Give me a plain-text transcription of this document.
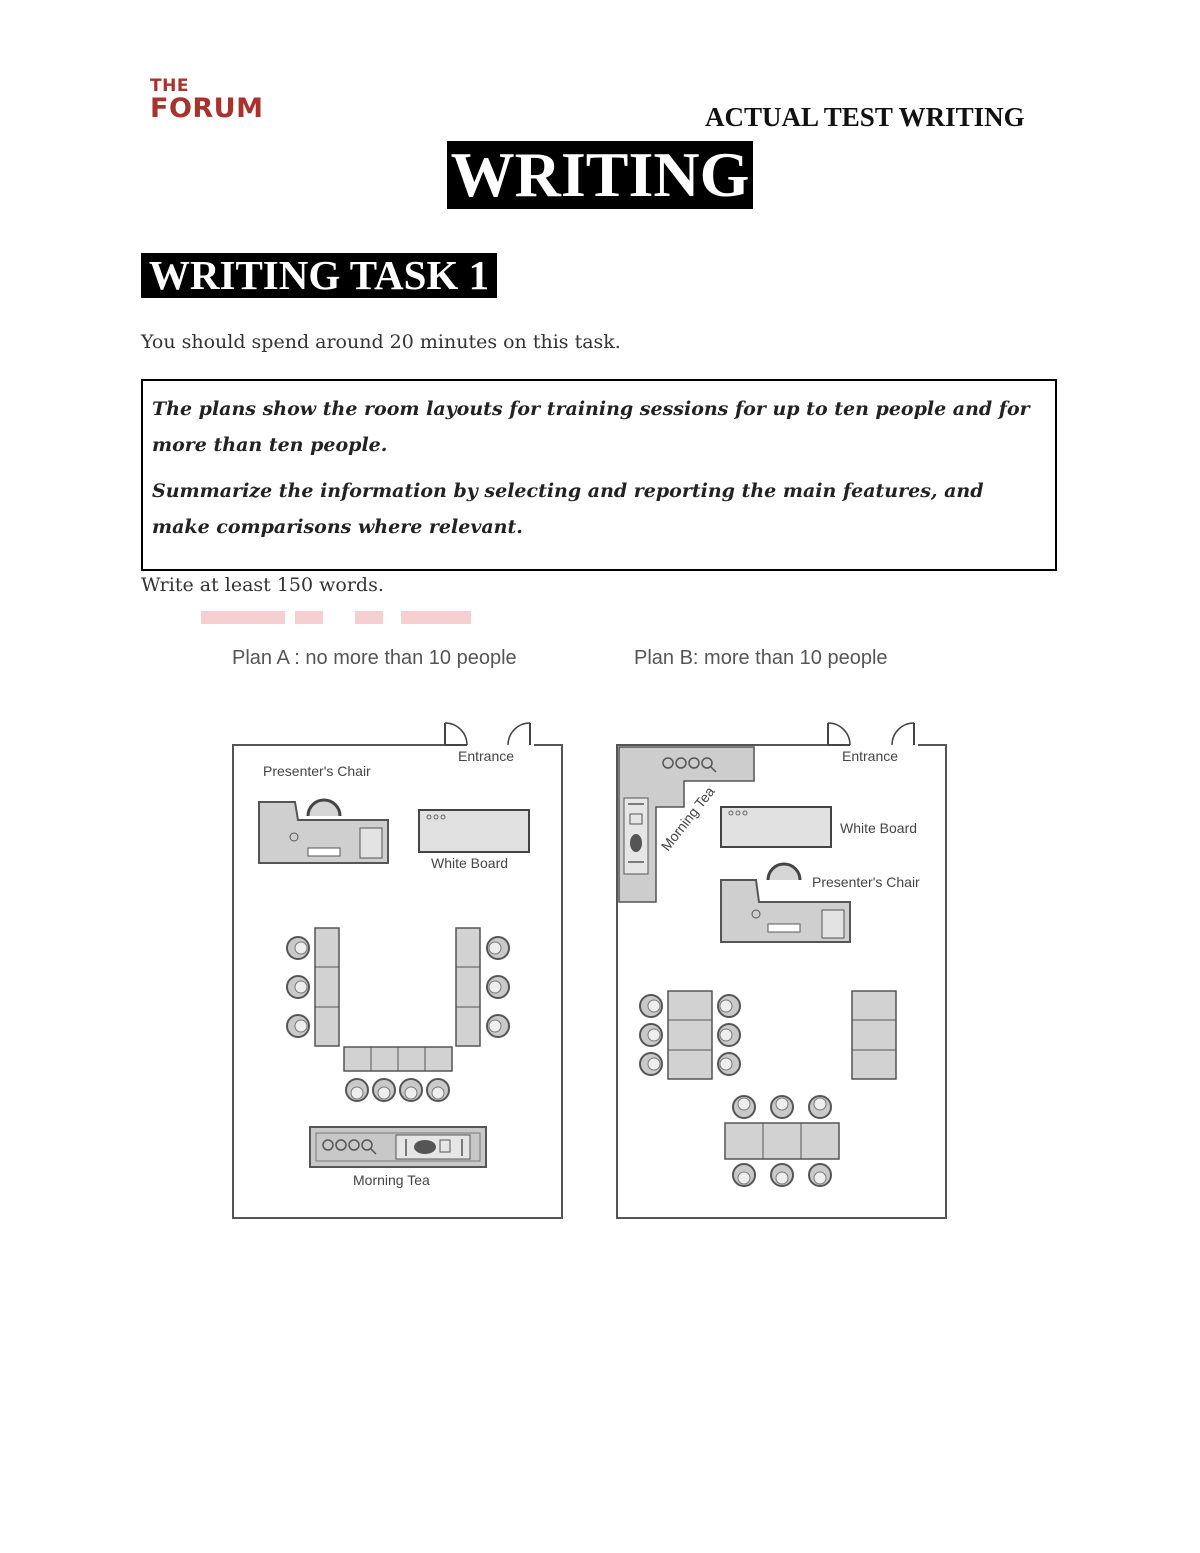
THE
FORUM	ACTUAL TEST WRITING
WRITING
WRITING TASK 1
You should spend around 20 minutes on this task.

The plans show the room layouts for training sessions for up to ten people and for more than ten people.

Summarize the information by selecting and reporting the main features, and make comparisons where relevant.

Write at least 150 words.
Plan A : no more than 10 people
Entrance
Presenter's Chair
White Board
Morning Tea
Plan B: more than 10 people
Entrance
Morning Tea	White Board
Presenter's Chair
